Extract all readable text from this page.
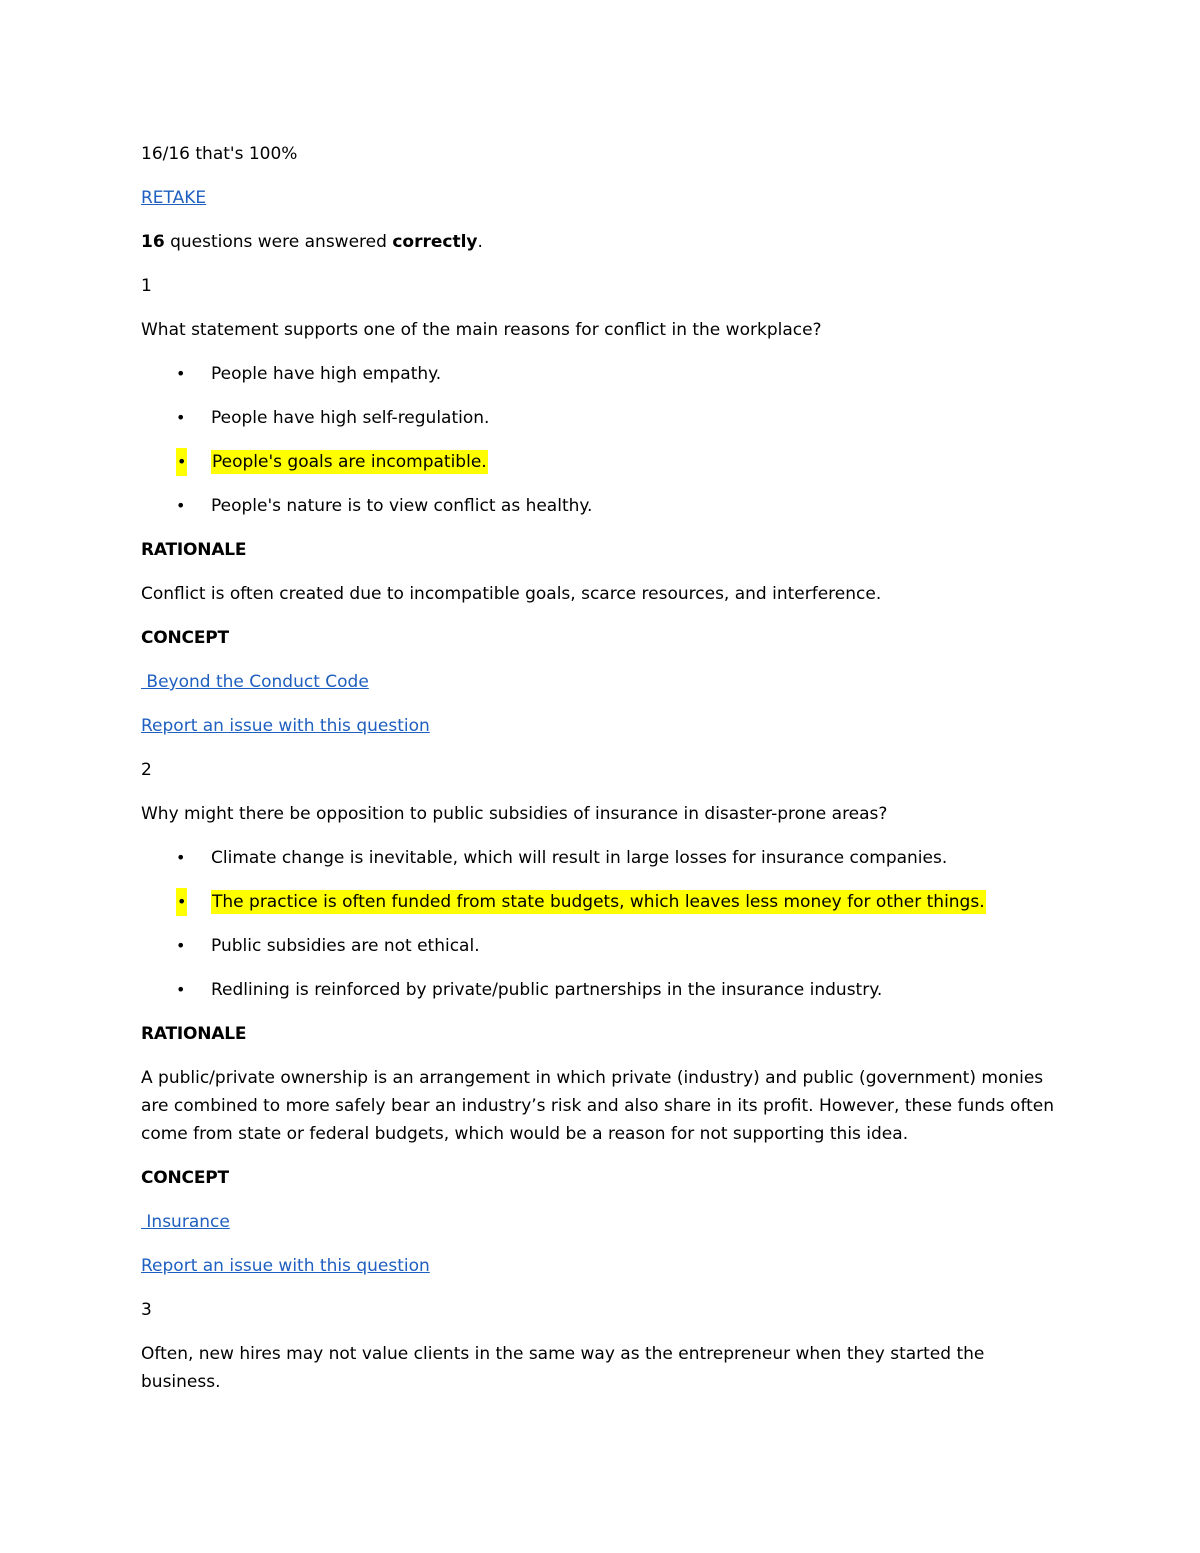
16/16 that's 100%

RETAKE

16 questions were answered correctly.

1

What statement supports one of the main reasons for conflict in the workplace?

• People have high empathy.
• People have high self-regulation.
• People's goals are incompatible.
• People's nature is to view conflict as healthy.

RATIONALE

Conflict is often created due to incompatible goals, scarce resources, and interference.

CONCEPT

Beyond the Conduct Code

Report an issue with this question

2

Why might there be opposition to public subsidies of insurance in disaster-prone areas?

• Climate change is inevitable, which will result in large losses for insurance companies.
• The practice is often funded from state budgets, which leaves less money for other things.
• Public subsidies are not ethical.
• Redlining is reinforced by private/public partnerships in the insurance industry.

RATIONALE

A public/private ownership is an arrangement in which private (industry) and public (government) monies are combined to more safely bear an industry’s risk and also share in its profit. However, these funds often come from state or federal budgets, which would be a reason for not supporting this idea.

CONCEPT

Insurance

Report an issue with this question

3

Often, new hires may not value clients in the same way as the entrepreneur when they started the business.
